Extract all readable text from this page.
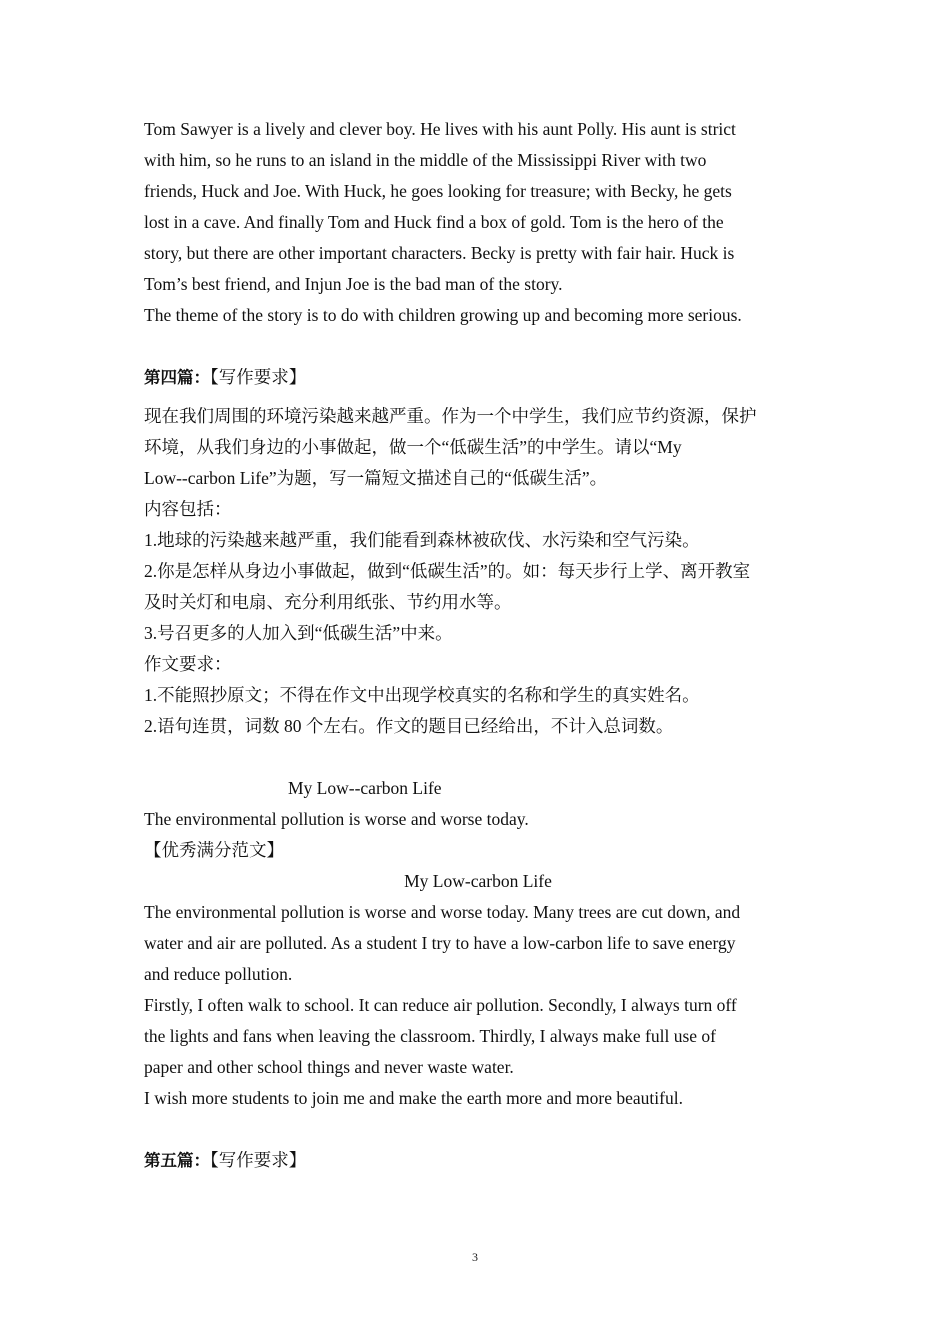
Tom Sawyer is a lively and clever boy. He lives with his aunt Polly. His aunt is strict
with him, so he runs to an island in the middle of the Mississippi River with two
friends, Huck and Joe. With Huck, he goes looking for treasure; with Becky, he gets
lost in a cave. And finally Tom and Huck find a box of gold. Tom is the hero of the
story, but there are other important characters. Becky is pretty with fair hair. Huck is
Tom’s best friend, and Injun Joe is the bad man of the story.
The theme of the story is to do with children growing up and becoming more serious.
第四篇：【写作要求】
现在我们周围的环境污染越来越严重。作为一个中学生，我们应节约资源，保护
环境，从我们身边的小事做起，做一个“低碳生活”的中学生。请以“My
Low--carbon Life”为题，写一篇短文描述自己的“低碳生活”。
内容包括：
1.地球的污染越来越严重，我们能看到森林被砍伐、水污染和空气污染。
2.你是怎样从身边小事做起，做到“低碳生活”的。如：每天步行上学、离开教室
及时关灯和电扇、充分利用纸张、节约用水等。
3.号召更多的人加入到“低碳生活”中来。
作文要求：
1.不能照抄原文；不得在作文中出现学校真实的名称和学生的真实姓名。
2.语句连贯，词数 80 个左右。作文的题目已经给出，不计入总词数。
My Low--carbon Life
The environmental pollution is worse and worse today.
【优秀满分范文】
My Low-carbon Life
The environmental pollution is worse and worse today. Many trees are cut down, and
water and air are polluted. As a student I try to have a low-carbon life to save energy
and reduce pollution.
Firstly, I often walk to school. It can reduce air pollution. Secondly, I always turn off
the lights and fans when leaving the classroom. Thirdly, I always make full use of
paper and other school things and never waste water.
I wish more students to join me and make the earth more and more beautiful.
第五篇：【写作要求】
3
